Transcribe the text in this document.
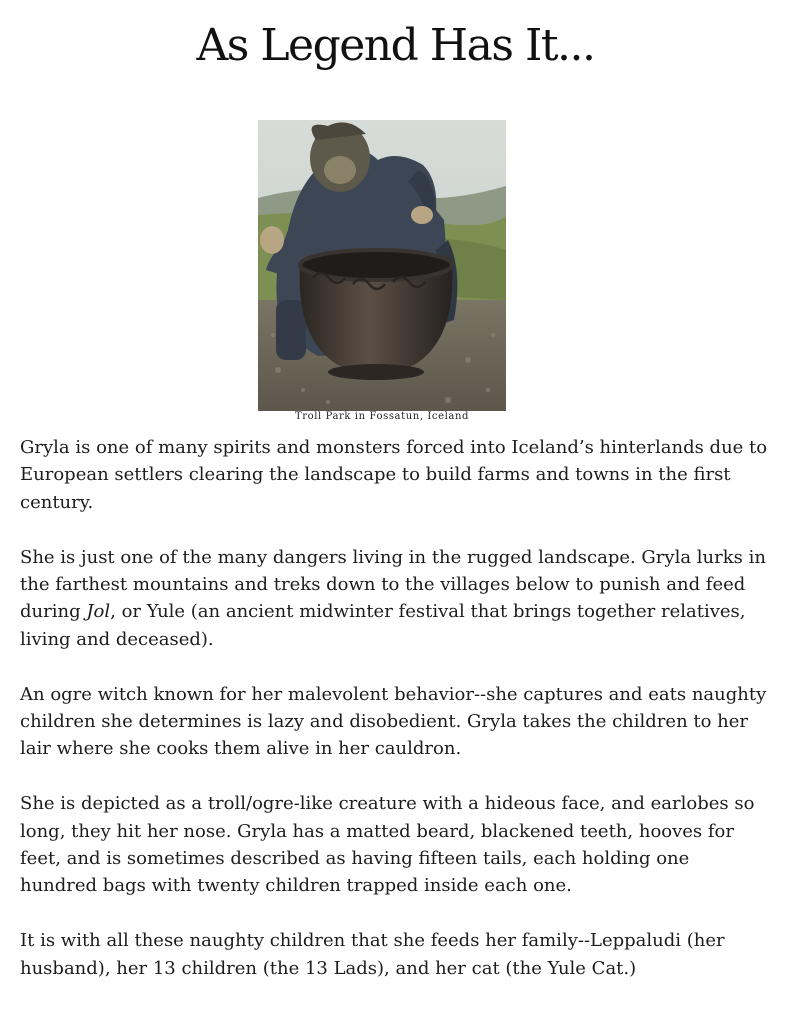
As Legend Has It...
Troll Park in Fossatun, Iceland

Gryla is one of many spirits and monsters forced into Iceland’s hinterlands due to European settlers clearing the landscape to build farms and towns in the first century.

She is just one of the many dangers living in the rugged landscape. Gryla lurks in the farthest mountains and treks down to the villages below to punish and feed during Jol, or Yule (an ancient midwinter festival that brings together relatives, living and deceased).

An ogre witch known for her malevolent behavior--she captures and eats naughty children she determines is lazy and disobedient. Gryla takes the children to her lair where she cooks them alive in her cauldron.

She is depicted as a troll/ogre-like creature with a hideous face, and earlobes so long, they hit her nose. Gryla has a matted beard, blackened teeth, hooves for feet, and is sometimes described as having fifteen tails, each holding one hundred bags with twenty children trapped inside each one.

It is with all these naughty children that she feeds her family--Leppaludi (her husband), her 13 children (the 13 Lads), and her cat (the Yule Cat.)
